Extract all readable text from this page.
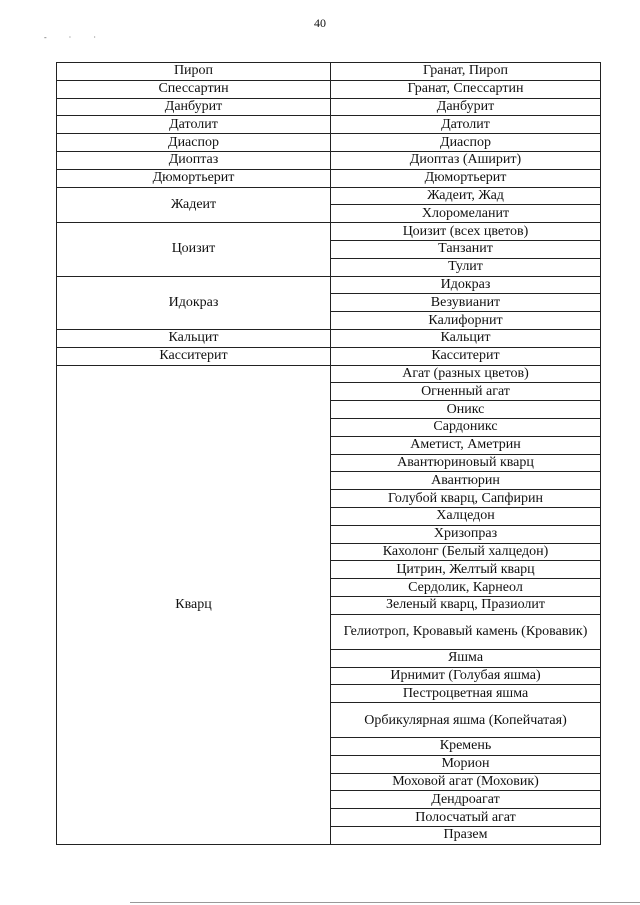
40
- · ·
Пироп	Гранат, Пироп
Спессартин	Гранат, Спессартин
Данбурит	Данбурит
Датолит	Датолит
Диаспор	Диаспор
Диоптаз	Диоптаз (Аширит)
Дюмортьерит	Дюмортьерит
Жадеит	Жадеит, Жад
	Хлоромеланит
Цоизит	Цоизит (всех цветов)
	Танзанит
	Тулит
Идокраз	Идокраз
	Везувианит
	Калифорнит
Кальцит	Кальцит
Касситерит	Касситерит
Кварц	Агат (разных цветов)
	Огненный агат
	Оникс
	Сардоникс
	Аметист, Аметрин
	Авантюриновый кварц
	Авантюрин
	Голубой кварц, Сапфирин
	Халцедон
	Хризопраз
	Кахолонг (Белый халцедон)
	Цитрин, Желтый кварц
	Сердолик, Карнеол
	Зеленый кварц, Празиолит
	Гелиотроп, Кровавый камень (Кровавик)
	Яшма
	Ирнимит (Голубая яшма)
	Пестроцветная яшма
	Орбикулярная яшма (Копейчатая)
	Кремень
	Морион
	Моховой агат (Моховик)
	Дендроагат
	Полосчатый агат
	Празем
